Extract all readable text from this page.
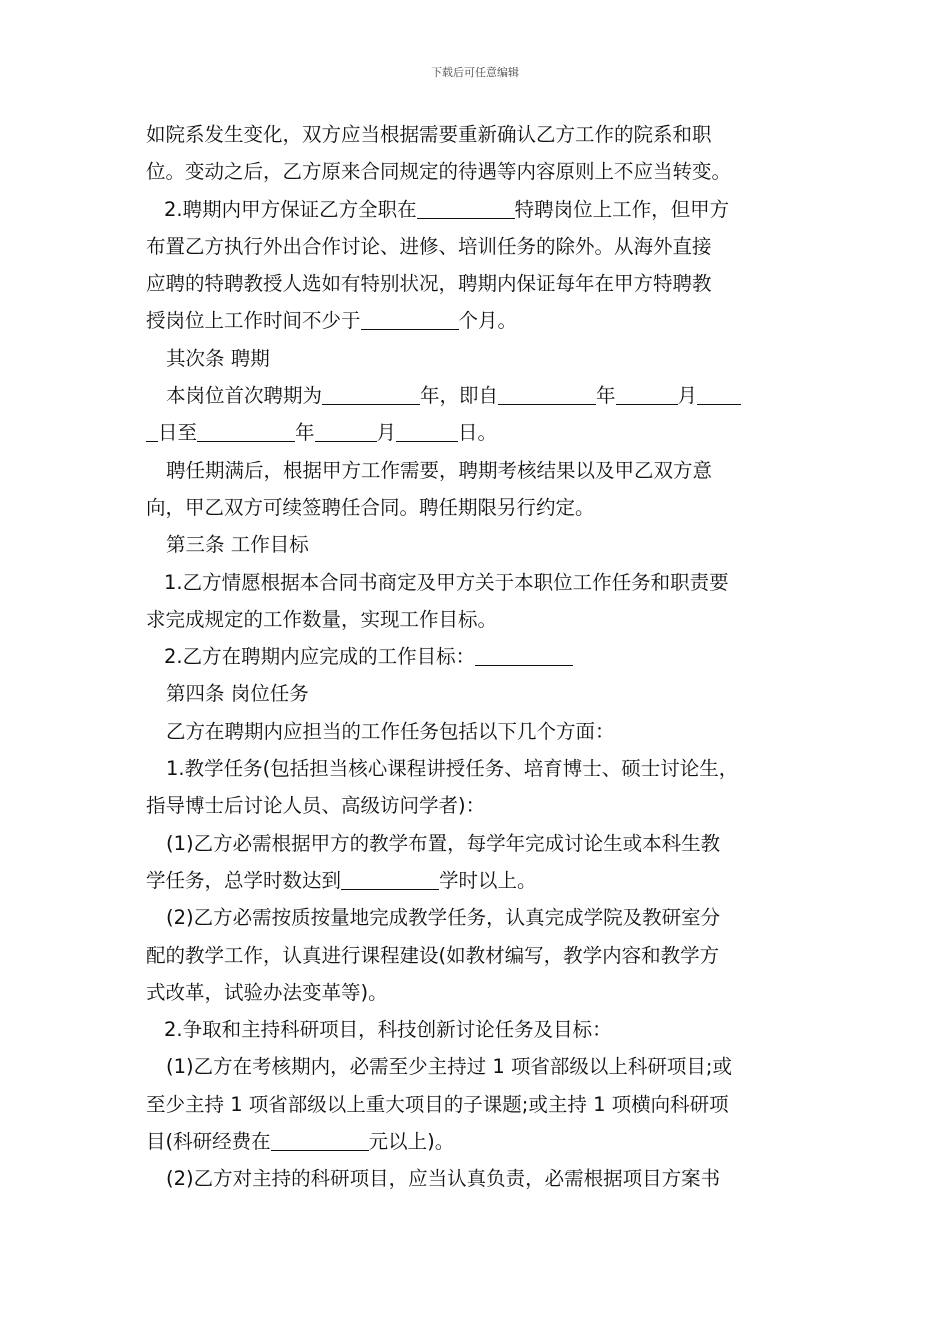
下载后可任意编辑

如院系发生变化，双方应当根据需要重新确认乙方工作的院系和职

位。变动之后，乙方原来合同规定的待遇等内容原则上不应当转变。

2.聘期内甲方保证乙方全职在	特聘岗位上工作，但甲方

布置乙方执行外出合作讨论、进修、培训任务的除外。从海外直接

应聘的特聘教授人选如有特别状况，聘期内保证每年在甲方特聘教

授岗位上工作时间不少于	个月。

其次条 聘期

本岗位首次聘期为	年，即自	年	月

日至	年	月	日。

聘任期满后，根据甲方工作需要，聘期考核结果以及甲乙双方意

向，甲乙双方可续签聘任合同。聘任期限另行约定。

第三条 工作目标

1.乙方情愿根据本合同书商定及甲方关于本职位工作任务和职责要

求完成规定的工作数量，实现工作目标。

2.乙方在聘期内应完成的工作目标：

第四条 岗位任务

乙方在聘期内应担当的工作任务包括以下几个方面：

1.教学任务(包括担当核心课程讲授任务、培育博士、硕士讨论生，

指导博士后讨论人员、高级访问学者)：

(1)乙方必需根据甲方的教学布置，每学年完成讨论生或本科生教

学任务，总学时数达到	学时以上。

(2)乙方必需按质按量地完成教学任务，认真完成学院及教研室分

配的教学工作，认真进行课程建设(如教材编写，教学内容和教学方

式改革，试验办法变革等)。

2.争取和主持科研项目，科技创新讨论任务及目标：

(1)乙方在考核期内，必需至少主持过 1 项省部级以上科研项目;或

至少主持 1 项省部级以上重大项目的子课题;或主持 1 项横向科研项

目(科研经费在	元以上)。

(2)乙方对主持的科研项目，应当认真负责，必需根据项目方案书
